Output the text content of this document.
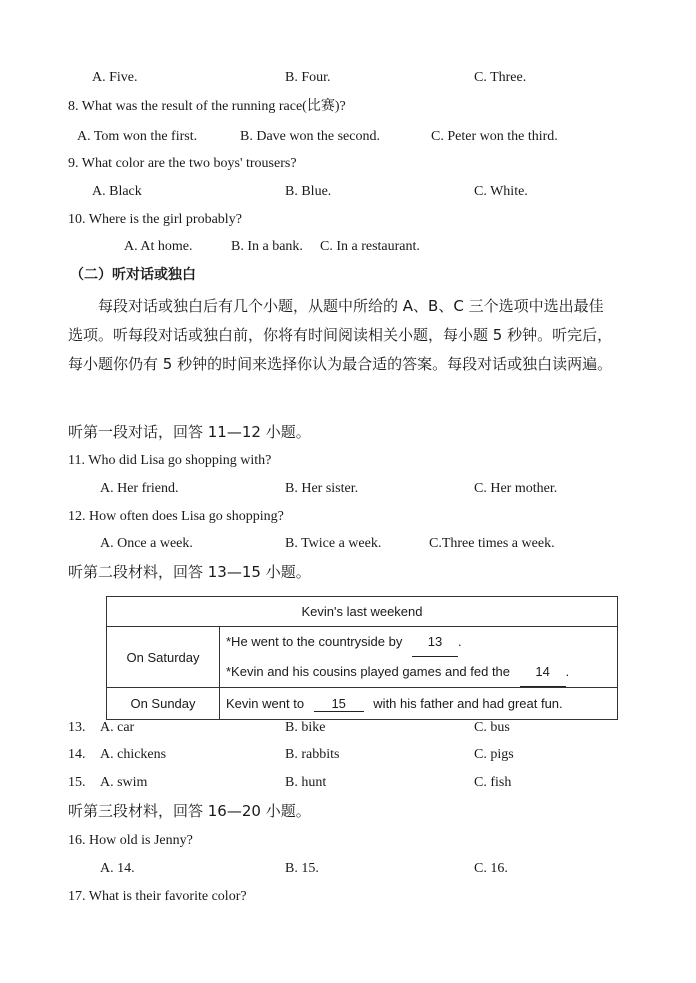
A. Five.	B. Four.	C. Three.
8. What was the result of the running race(比赛)?
A. Tom won the first.	B. Dave won the second.	C. Peter won the third.
9. What color are the two boys' trousers?
A. Black	B. Blue.	C. White.
10. Where is the girl probably?
A. At home.	B. In a bank. C. In a restaurant.
（二）听对话或独白
每段对话或独白后有几个小题，从题中所给的 A、B、C 三个选项中选出最佳选项。听每段对话或独白前，你将有时间阅读相关小题，每小题 5 秒钟。听完后，每小题你仍有 5 秒钟的时间来选择你认为最合适的答案。每段对话或独白读两遍。
听第一段对话，回答 11—12 小题。
11. Who did Lisa go shopping with?
A. Her friend.	B. Her sister.	C. Her mother.
12. How often does Lisa go shopping?
A. Once a week.	B. Twice a week.	C.Three times a week.
听第二段材料，回答 13—15 小题。
Kevin's last weekend	
On Saturday	*He went to the countryside by 13 .
*Kevin and his cousins played games and fed the 14 .

On Sunday	Kevin went to 15 with his father and had great fun.
13. A. car	B. bike	C. bus
14. A. chickens	B. rabbits	C. pigs
15. A. swim	B. hunt	C. fish
听第三段材料，回答 16—20 小题。
16. How old is Jenny?
A. 14.	B. 15.	C. 16.
17. What is their favorite color?
